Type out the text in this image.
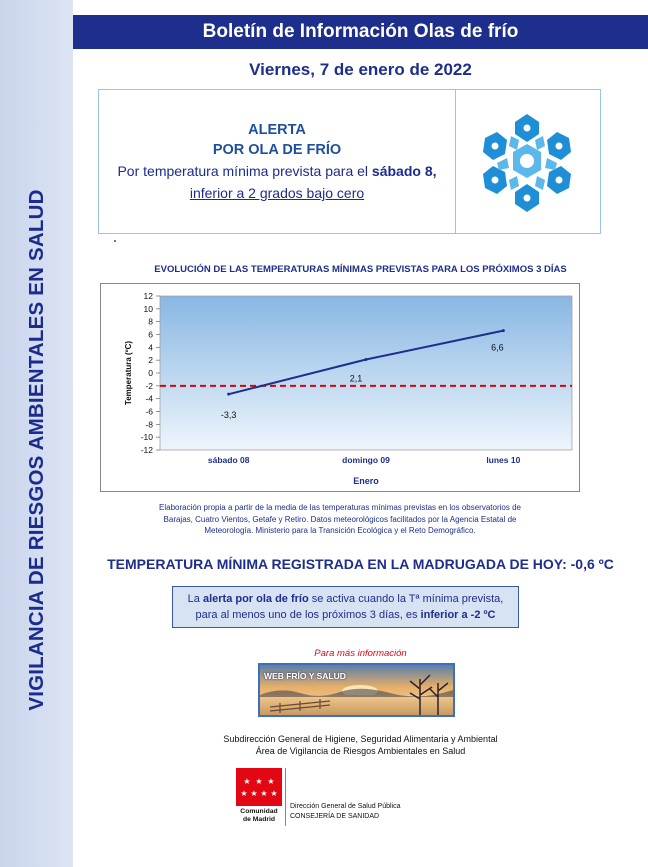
VIGILANCIA DE RIESGOS AMBIENTALES EN SALUD
Boletín de Información Olas de frío
Viernes, 7 de enero de 2022
ALERTA
POR OLA DE FRÍO
Por temperatura mínima prevista para el sábado 8,
inferior a 2 grados bajo cero
EVOLUCIÓN DE LAS TEMPERATURAS MÍNIMAS PREVISTAS PARA LOS PRÓXIMOS 3 DÍAS
12
10
8
6
4
2
0
-2
-4
-6
-8
-10
-12
sábado 08	domingo 09	lunes 10
-3,3
2,1
6,6
Temperatura (ºC)
Enero
Elaboración propia a partir de la media de las temperaturas mínimas previstas en los observatorios de
Barajas, Cuatro Vientos, Getafe y Retiro. Datos meteorológicos facilitados por la Agencia Estatal de
Meteorología. Ministerio para la Transición Ecológica y el Reto Demográfico.
TEMPERATURA MÍNIMA REGISTRADA EN LA MADRUGADA DE HOY: -0,6 ºC
La alerta por ola de frío se activa cuando la Tª mínima prevista,
para al menos uno de los próximos 3 días, es inferior a -2 ºC
Para más información
WEB FRÍO Y SALUD
Subdirección General de Higiene, Seguridad Alimentaria y Ambiental
Área de Vigilancia de Riesgos Ambientales en Salud
★ ★ ★
★ ★ ★ ★
Comunidad
de Madrid
Dirección General de Salud Pública
CONSEJERÍA DE SANIDAD
